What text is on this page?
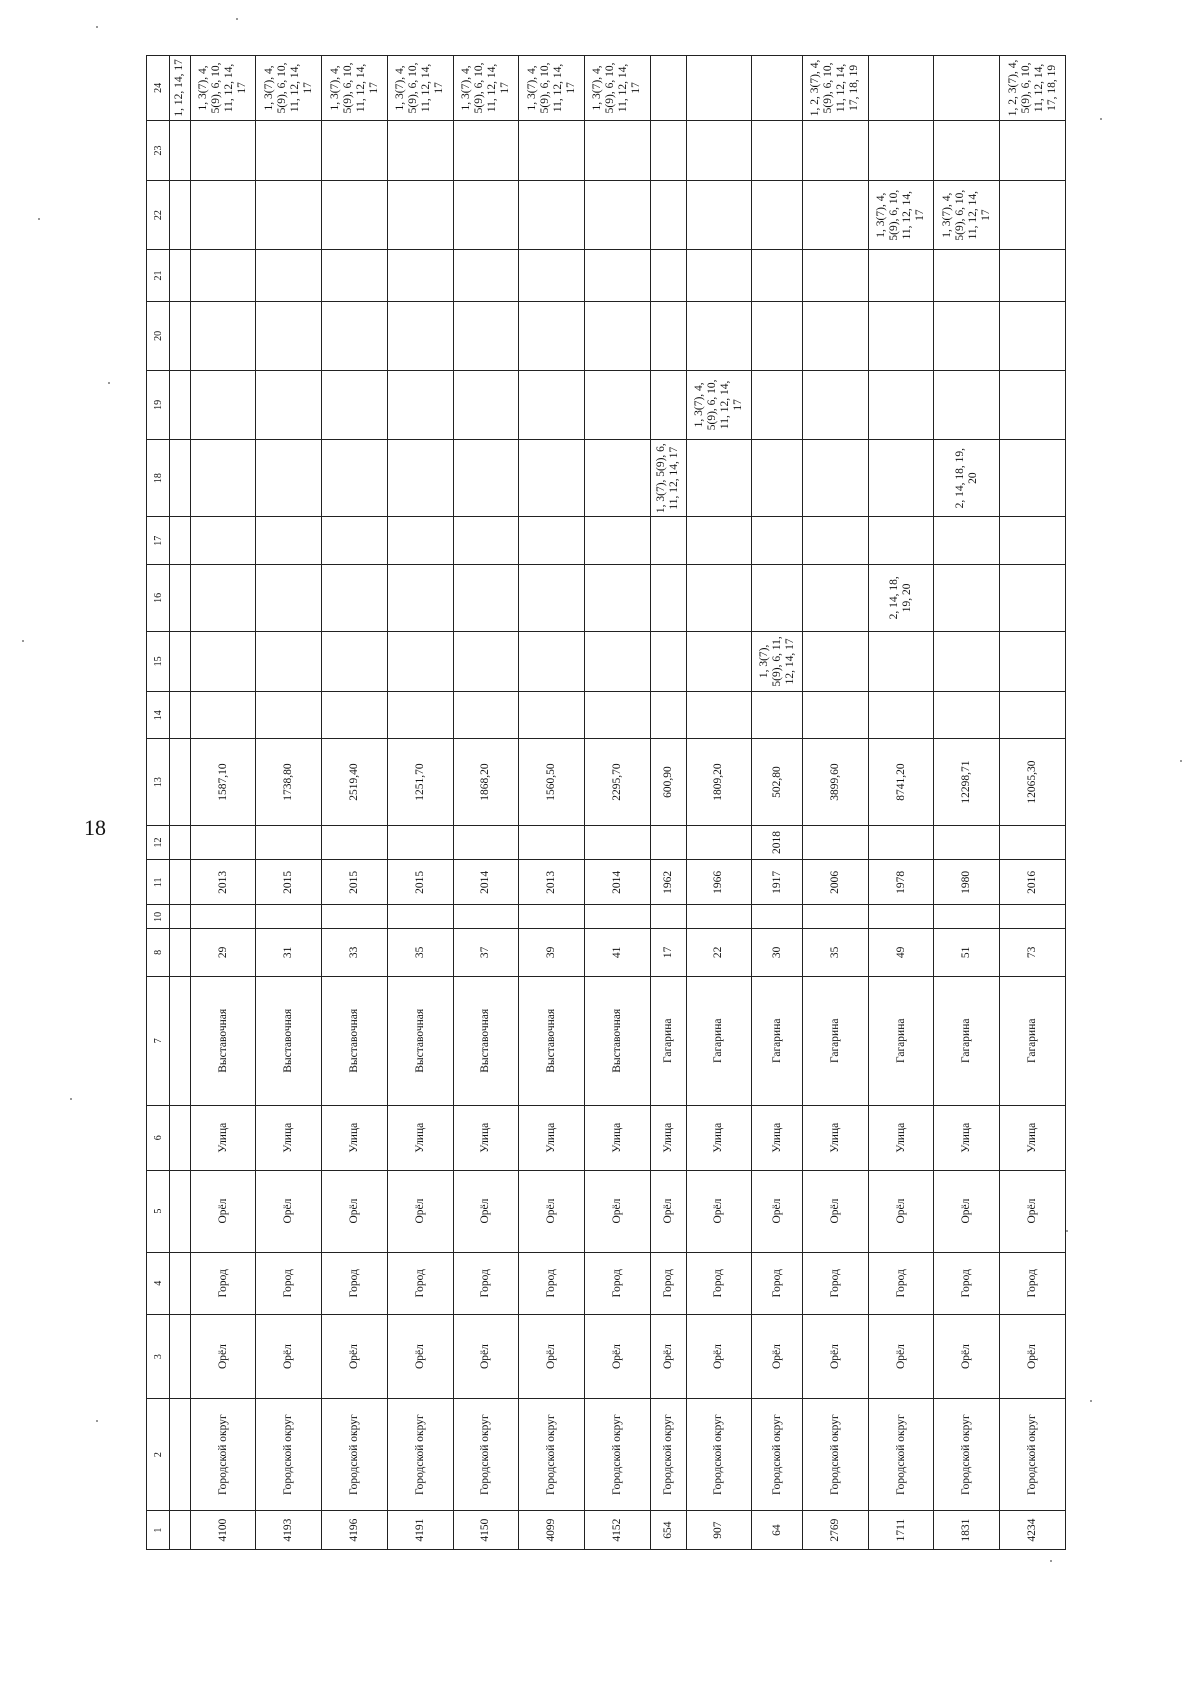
18
1	2	3	4	5	6	7	8	10	11	12	13	14	15	16	17	18	19	20	21	22	23	24
																						1, 12, 14, 17
4100	Городской округ	Орёл	Город	Орёл	Улица	Выставочная	29		2013		1587,10											1, 3(7), 4, 5(9), 6, 10, 11, 12, 14, 17
4193	Городской округ	Орёл	Город	Орёл	Улица	Выставочная	31		2015		1738,80											1, 3(7), 4, 5(9), 6, 10, 11, 12, 14, 17
4196	Городской округ	Орёл	Город	Орёл	Улица	Выставочная	33		2015		2519,40											1, 3(7), 4, 5(9), 6, 10, 11, 12, 14, 17
4191	Городской округ	Орёл	Город	Орёл	Улица	Выставочная	35		2015		1251,70											1, 3(7), 4, 5(9), 6, 10, 11, 12, 14, 17
4150	Городской округ	Орёл	Город	Орёл	Улица	Выставочная	37		2014		1868,20											1, 3(7), 4, 5(9), 6, 10, 11, 12, 14, 17
4099	Городской округ	Орёл	Город	Орёл	Улица	Выставочная	39		2013		1560,50											1, 3(7), 4, 5(9), 6, 10, 11, 12, 14, 17
4152	Городской округ	Орёл	Город	Орёл	Улица	Выставочная	41		2014		2295,70											1, 3(7), 4, 5(9), 6, 10, 11, 12, 14, 17
654	Городской округ	Орёл	Город	Орёл	Улица	Гагарина	17		1962		600,90					1, 3(7), 5(9), 6, 11, 12, 14, 17						
907	Городской округ	Орёл	Город	Орёл	Улица	Гагарина	22		1966		1809,20						1, 3(7), 4, 5(9), 6, 10, 11, 12, 14, 17					
64	Городской округ	Орёл	Город	Орёл	Улица	Гагарина	30		1917	2018	502,80		1, 3(7), 5(9), 6, 11, 12, 14, 17									
2769	Городской округ	Орёл	Город	Орёл	Улица	Гагарина	35		2006		3899,60											1, 2, 3(7), 4, 5(9), 6, 10, 11, 12, 14, 17, 18, 19
1711	Городской округ	Орёл	Город	Орёл	Улица	Гагарина	49		1978		8741,20			2, 14, 18, 19, 20						1, 3(7), 4, 5(9), 6, 10, 11, 12, 14, 17		
1831	Городской округ	Орёл	Город	Орёл	Улица	Гагарина	51		1980		12298,71					2, 14, 18, 19, 20				1, 3(7), 4, 5(9), 6, 10, 11, 12, 14, 17		
4234	Городской округ	Орёл	Город	Орёл	Улица	Гагарина	73		2016		12065,30											1, 2, 3(7), 4, 5(9), 6, 10, 11, 12, 14, 17, 18, 19
